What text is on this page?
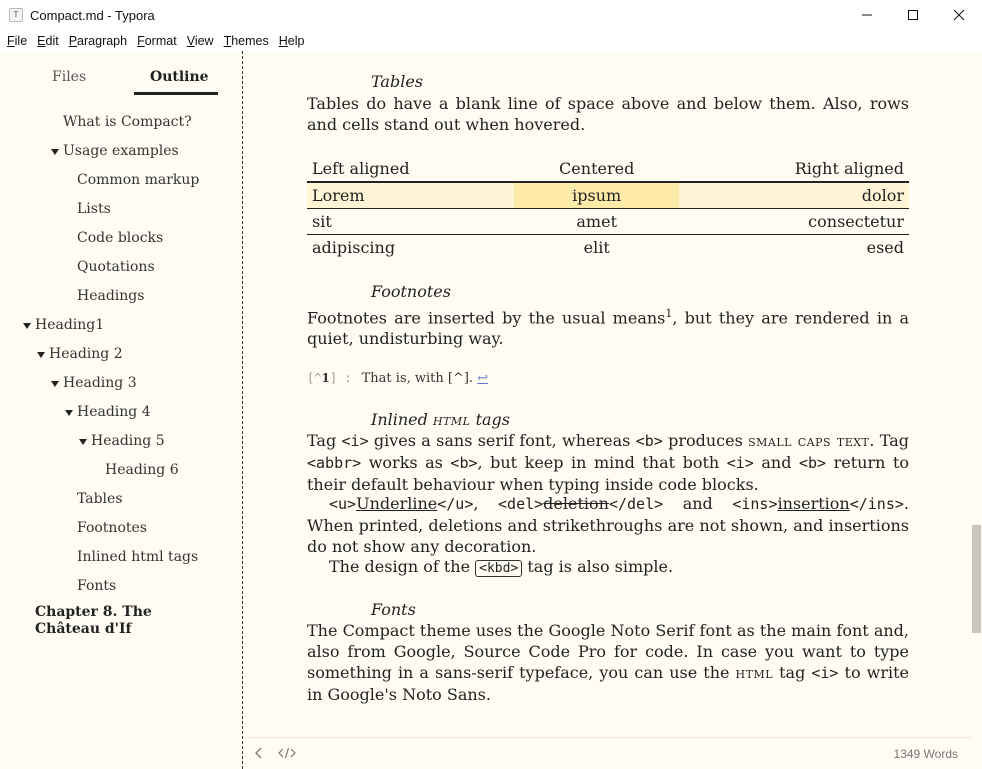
T Compact.md - Typora
File Edit Paragraph Format View Themes Help
Files	Outline
What is Compact?
Usage examples
Common markup
Lists
Code blocks
Quotations
Headings
Heading1
Heading 2
Heading 3
Heading 4
Heading 5
Heading 6
Tables
Footnotes
Inlined html tags
Fonts
Chapter 8. The Château d'If
Tables
Tables do have a blank line of space above and below them. Also, rows and cells stand out when hovered.
Left aligned	Centered	Right aligned
Lorem	ipsum	dolor
sit	amet	consectetur
adipiscing	elit	esed
Footnotes
Footnotes are inserted by the usual means$^1$, but they are rendered in a quiet, undisturbing way.
[^1] : That is, with [^]. ↩
Inlined html tags
Tag <i> gives a sans serif font, whereas <b> produces small caps text. Tag <abbr> works as <b>, but keep in mind that both <i> and <b> return to their default behaviour when typing inside code blocks.
<u>Underline</u>, <del>deletion</del> and <ins>insertion</ins>. When printed, deletions and strikethroughs are not shown, and insertions do not show any decoration.
The design of the <kbd> tag is also simple.
Fonts
The Compact theme uses the Google Noto Serif font as the main font and, also from Google, Source Code Pro for code. In case you want to type something in a sans-serif typeface, you can use the html tag <i> to write in Google's Noto Sans.
1349 Words
